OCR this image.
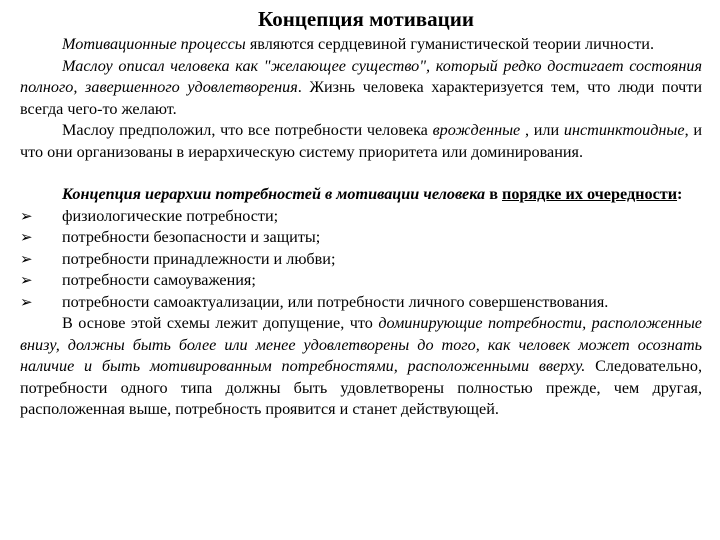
Концепция мотивации

Мотивационные процессы являются сердцевиной гуманистической теории личности.

Маслоу описал человека как "желающее существо", который редко достигает состояния полного, завершенного удовлетворения. Жизнь человека характеризуется тем, что люди почти всегда чего-то желают.

Маслоу предположил, что все потребности человека врожденные , или инстинктоидные, и что они организованы в иерархическую систему приоритета или доминирования.

Концепция иерархии потребностей в мотивации человека в порядке их очередности:

➢	физиологические потребности;
➢	потребности безопасности и защиты;
➢	потребности принадлежности и любви;
➢	потребности самоуважения;
➢	потребности самоактуализации, или потребности личного совершенствования.

В основе этой схемы лежит допущение, что доминирующие потребности, расположенные внизу, должны быть более или менее удовлетворены до того, как человек может осознать наличие и быть мотивированным потребностями, расположенными вверху. Следовательно, потребности одного типа должны быть удовлетворены полностью прежде, чем другая, расположенная выше, потребность проявится и станет действующей.
